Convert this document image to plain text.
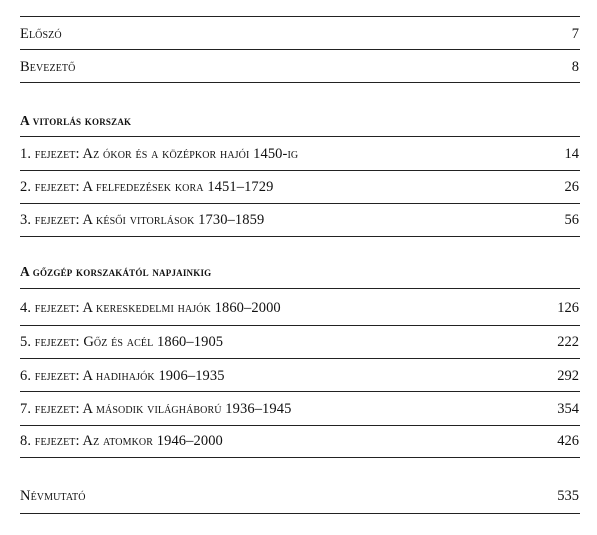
Előszó	7
Bevezető	8
A vitorlás korszak
1. fejezet: Az ókor és a középkor hajói 1450-ig	14
2. fejezet: A felfedezések kora 1451–1729	26
3. fejezet: A késői vitorlások 1730–1859	56
A gőzgép korszakától napjainkig
4. fejezet: A kereskedelmi hajók 1860–2000	126
5. fejezet: Gőz és acél 1860–1905	222
6. fejezet: A hadihajók 1906–1935	292
7. fejezet: A második világháború 1936–1945	354
8. fejezet: Az atomkor 1946–2000	426
Névmutató	535
